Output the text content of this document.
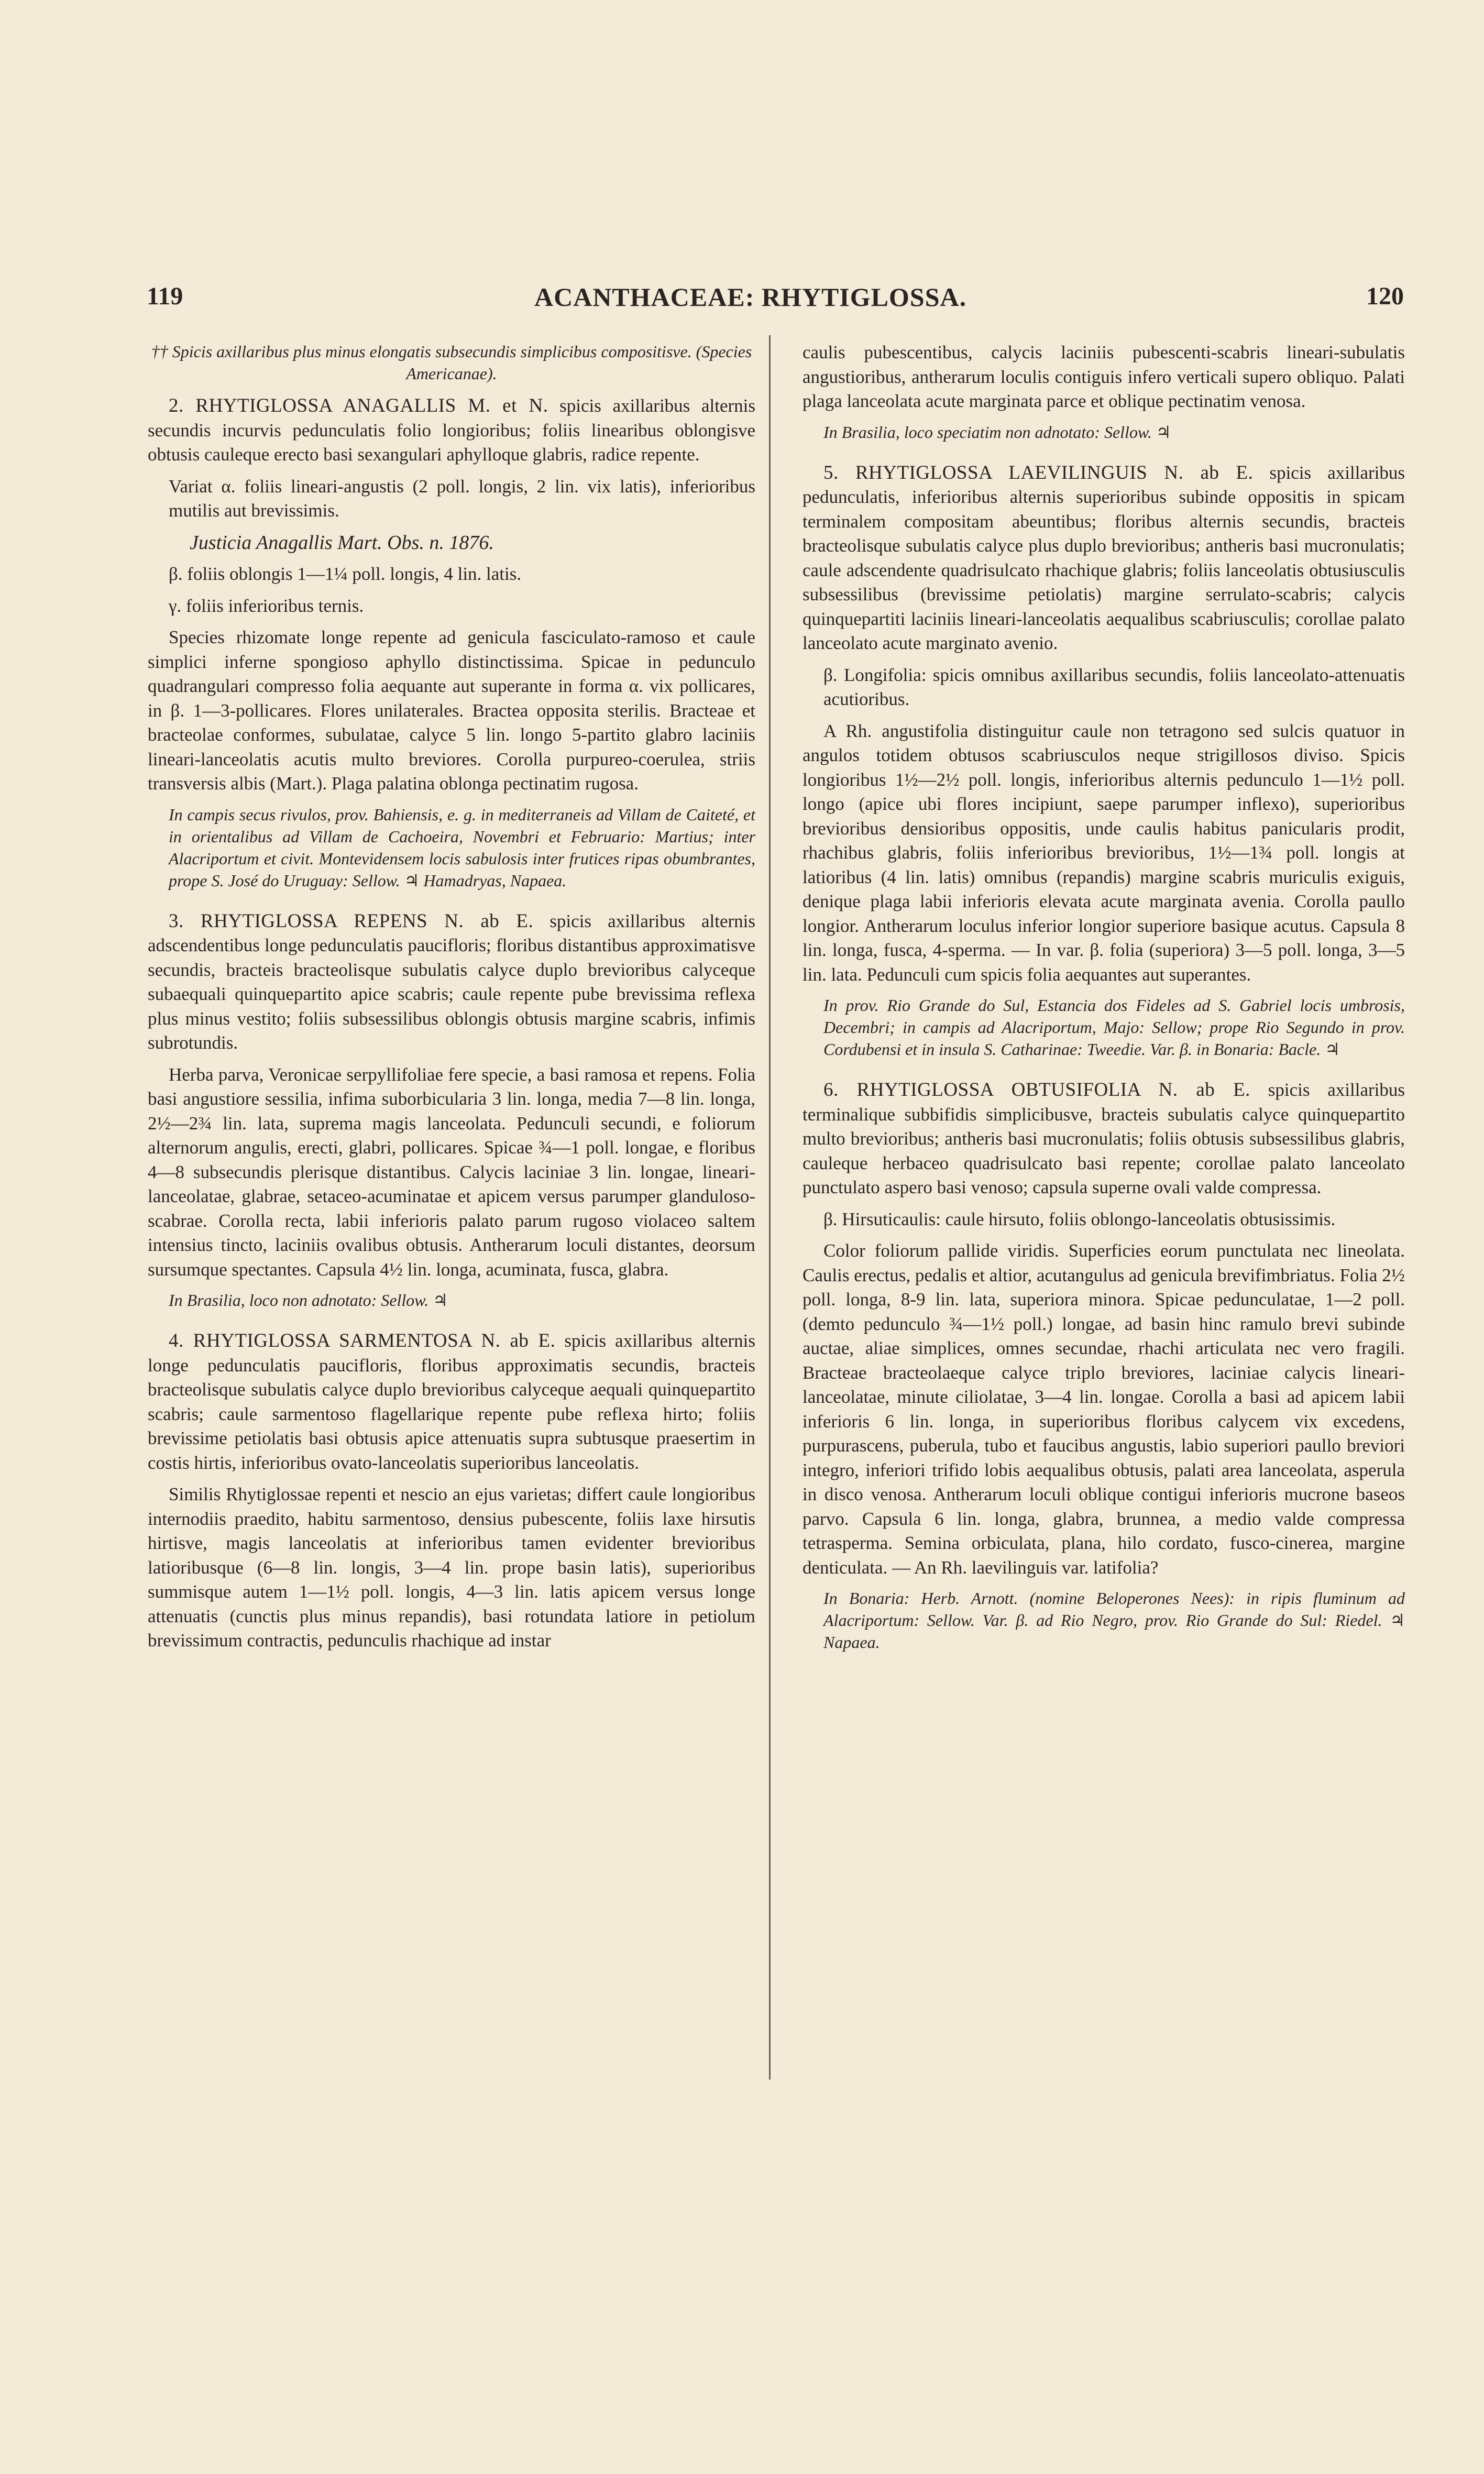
119	ACANTHACEAE: RHYTIGLOSSA.	120

†† Spicis axillaribus plus minus elongatis subsecundis simplicibus compositisve. (Species Americanae).

2. RHYTIGLOSSA ANAGALLIS M. et N. spicis axillaribus alternis secundis incurvis pedunculatis folio longioribus; foliis linearibus oblongisve obtusis cauleque erecto basi sexangulari aphylloque glabris, radice repente.

Variat α. foliis lineari-angustis (2 poll. longis, 2 lin. vix latis), inferioribus mutilis aut brevissimis.

Justicia Anagallis Mart. Obs. n. 1876.

β. foliis oblongis 1—1¼ poll. longis, 4 lin. latis.

γ. foliis inferioribus ternis.

Species rhizomate longe repente ad genicula fasciculato-ramoso et caule simplici inferne spongioso aphyllo distinctissima. Spicae in pedunculo quadrangulari compresso folia aequante aut superante in forma α. vix pollicares, in β. 1—3-pollicares. Flores unilaterales. Bractea opposita sterilis. Bracteae et bracteolae conformes, subulatae, calyce 5 lin. longo 5-partito glabro laciniis lineari-lanceolatis acutis multo breviores. Corolla purpureo-coerulea, striis transversis albis (Mart.). Plaga palatina oblonga pectinatim rugosa.

In campis secus rivulos, prov. Bahiensis, e. g. in mediterraneis ad Villam de Caiteté, et in orientalibus ad Villam de Cachoeira, Novembri et Februario: Martius; inter Alacriportum et civit. Montevidensem locis sabulosis inter frutices ripas obumbrantes, prope S. José do Uruguay: Sellow. ♃ Hamadryas, Napaea.

3. RHYTIGLOSSA REPENS N. ab E. spicis axillaribus alternis adscendentibus longe pedunculatis paucifloris; floribus distantibus approximatisve secundis, bracteis bracteolisque subulatis calyce duplo brevioribus calyceque subaequali quinquepartito apice scabris; caule repente pube brevissima reflexa plus minus vestito; foliis subsessilibus oblongis obtusis margine scabris, infimis subrotundis.

Herba parva, Veronicae serpyllifoliae fere specie, a basi ramosa et repens. Folia basi angustiore sessilia, infima suborbicularia 3 lin. longa, media 7—8 lin. longa, 2½—2¾ lin. lata, suprema magis lanceolata. Pedunculi secundi, e foliorum alternorum angulis, erecti, glabri, pollicares. Spicae ¾—1 poll. longae, e floribus 4—8 subsecundis plerisque distantibus. Calycis laciniae 3 lin. longae, lineari-lanceolatae, glabrae, setaceo-acuminatae et apicem versus parumper glanduloso-scabrae. Corolla recta, labii inferioris palato parum rugoso violaceo saltem intensius tincto, laciniis ovalibus obtusis. Antherarum loculi distantes, deorsum sursumque spectantes. Capsula 4½ lin. longa, acuminata, fusca, glabra.

In Brasilia, loco non adnotato: Sellow. ♃

4. RHYTIGLOSSA SARMENTOSA N. ab E. spicis axillaribus alternis longe pedunculatis paucifloris, floribus approximatis secundis, bracteis bracteolisque subulatis calyce duplo brevioribus calyceque aequali quinquepartito scabris; caule sarmentoso flagellarique repente pube reflexa hirto; foliis brevissime petiolatis basi obtusis apice attenuatis supra subtusque praesertim in costis hirtis, inferioribus ovato-lanceolatis superioribus lanceolatis.

Similis Rhytiglossae repenti et nescio an ejus varietas; differt caule longioribus internodiis praedito, habitu sarmentoso, densius pubescente, foliis laxe hirsutis hirtisve, magis lanceolatis at inferioribus tamen evidenter brevioribus latioribusque (6—8 lin. longis, 3—4 lin. prope basin latis), superioribus summisque autem 1—1½ poll. longis, 4—3 lin. latis apicem versus longe attenuatis (cunctis plus minus repandis), basi rotundata latiore in petiolum brevissimum contractis, pedunculis rhachique ad instar

caulis pubescentibus, calycis laciniis pubescenti-scabris lineari-subulatis angustioribus, antherarum loculis contiguis infero verticali supero obliquo. Palati plaga lanceolata acute marginata parce et oblique pectinatim venosa.

In Brasilia, loco speciatim non adnotato: Sellow. ♃

5. RHYTIGLOSSA LAEVILINGUIS N. ab E. spicis axillaribus pedunculatis, inferioribus alternis superioribus subinde oppositis in spicam terminalem compositam abeuntibus; floribus alternis secundis, bracteis bracteolisque subulatis calyce plus duplo brevioribus; antheris basi mucronulatis; caule adscendente quadrisulcato rhachique glabris; foliis lanceolatis obtusiusculis subsessilibus (brevissime petiolatis) margine serrulato-scabris; calycis quinquepartiti laciniis lineari-lanceolatis aequalibus scabriusculis; corollae palato lanceolato acute marginato avenio.

β. Longifolia: spicis omnibus axillaribus secundis, foliis lanceolato-attenuatis acutioribus.

A Rh. angustifolia distinguitur caule non tetragono sed sulcis quatuor in angulos totidem obtusos scabriusculos neque strigillosos diviso. Spicis longioribus 1½—2½ poll. longis, inferioribus alternis pedunculo 1—1½ poll. longo (apice ubi flores incipiunt, saepe parumper inflexo), superioribus brevioribus densioribus oppositis, unde caulis habitus panicularis prodit, rhachibus glabris, foliis inferioribus brevioribus, 1½—1¾ poll. longis at latioribus (4 lin. latis) omnibus (repandis) margine scabris muriculis exiguis, denique plaga labii inferioris elevata acute marginata avenia. Corolla paullo longior. Antherarum loculus inferior longior superiore basique acutus. Capsula 8 lin. longa, fusca, 4-sperma. — In var. β. folia (superiora) 3—5 poll. longa, 3—5 lin. lata. Pedunculi cum spicis folia aequantes aut superantes.

In prov. Rio Grande do Sul, Estancia dos Fideles ad S. Gabriel locis umbrosis, Decembri; in campis ad Alacriportum, Majo: Sellow; prope Rio Segundo in prov. Cordubensi et in insula S. Catharinae: Tweedie. Var. β. in Bonaria: Bacle. ♃

6. RHYTIGLOSSA OBTUSIFOLIA N. ab E. spicis axillaribus terminalique subbifidis simplicibusve, bracteis subulatis calyce quinquepartito multo brevioribus; antheris basi mucronulatis; foliis obtusis subsessilibus glabris, cauleque herbaceo quadrisulcato basi repente; corollae palato lanceolato punctulato aspero basi venoso; capsula superne ovali valde compressa.

β. Hirsuticaulis: caule hirsuto, foliis oblongo-lanceolatis obtusissimis.

Color foliorum pallide viridis. Superficies eorum punctulata nec lineolata. Caulis erectus, pedalis et altior, acutangulus ad genicula brevifimbriatus. Folia 2½ poll. longa, 8-9 lin. lata, superiora minora. Spicae pedunculatae, 1—2 poll. (demto pedunculo ¾—1½ poll.) longae, ad basin hinc ramulo brevi subinde auctae, aliae simplices, omnes secundae, rhachi articulata nec vero fragili. Bracteae bracteolaeque calyce triplo breviores, laciniae calycis lineari-lanceolatae, minute ciliolatae, 3—4 lin. longae. Corolla a basi ad apicem labii inferioris 6 lin. longa, in superioribus floribus calycem vix excedens, purpurascens, puberula, tubo et faucibus angustis, labio superiori paullo breviori integro, inferiori trifido lobis aequalibus obtusis, palati area lanceolata, asperula in disco venosa. Antherarum loculi oblique contigui inferioris mucrone baseos parvo. Capsula 6 lin. longa, glabra, brunnea, a medio valde compressa tetrasperma. Semina orbiculata, plana, hilo cordato, fusco-cinerea, margine denticulata. — An Rh. laevilinguis var. latifolia?

In Bonaria: Herb. Arnott. (nomine Beloperones Nees): in ripis fluminum ad Alacriportum: Sellow. Var. β. ad Rio Negro, prov. Rio Grande do Sul: Riedel. ♃ Napaea.
